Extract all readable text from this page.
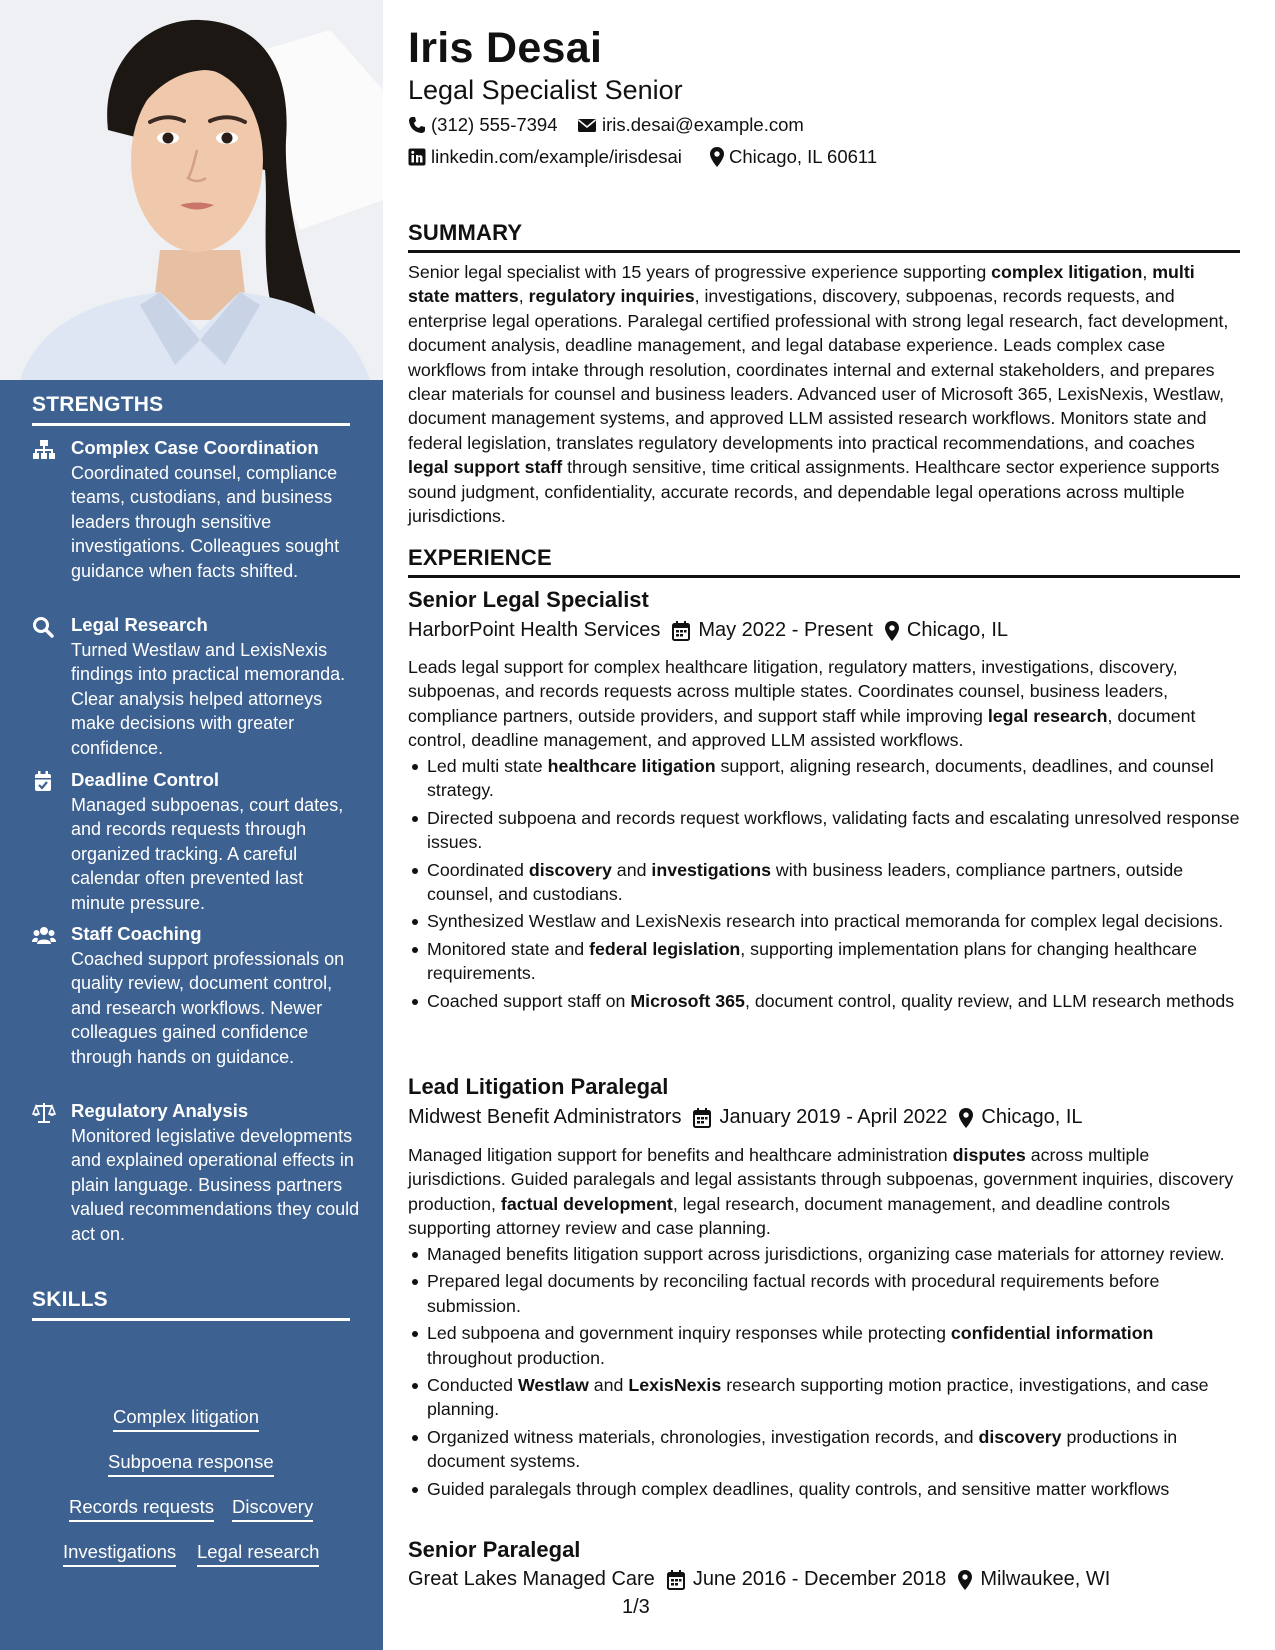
STRENGTHS
Complex Case Coordination
Coordinated counsel, compliance teams, custodians, and business leaders through sensitive investigations. Colleagues sought guidance when facts shifted.
Legal Research
Turned Westlaw and LexisNexis findings into practical memoranda. Clear analysis helped attorneys make decisions with greater confidence.
Deadline Control
Managed subpoenas, court dates, and records requests through organized tracking. A careful calendar often prevented last minute pressure.
Staff Coaching
Coached support professionals on quality review, document control, and research workflows. Newer colleagues gained confidence through hands on guidance.
Regulatory Analysis
Monitored legislative developments and explained operational effects in plain language. Business partners valued recommendations they could act on.
SKILLS
Complex litigation
Subpoena response
Records requests Discovery
Investigations Legal research
Iris Desai
Legal Specialist Senior
(312) 555-7394 iris.desai@example.com
linkedin.com/example/irisdesai	Chicago, IL 60611
SUMMARY
Senior legal specialist with 15 years of progressive experience supporting complex litigation, multi state matters, regulatory inquiries, investigations, discovery, subpoenas, records requests, and enterprise legal operations. Paralegal certified professional with strong legal research, fact development, document analysis, deadline management, and legal database experience. Leads complex case workflows from intake through resolution, coordinates internal and external stakeholders, and prepares clear materials for counsel and business leaders. Advanced user of Microsoft 365, LexisNexis, Westlaw, document management systems, and approved LLM assisted research workflows. Monitors state and federal legislation, translates regulatory developments into practical recommendations, and coaches legal support staff through sensitive, time critical assignments. Healthcare sector experience supports sound judgment, confidentiality, accurate records, and dependable legal operations across multiple jurisdictions.
EXPERIENCE
Senior Legal Specialist
HarborPoint Health Services May 2022 - Present Chicago, IL
Leads legal support for complex healthcare litigation, regulatory matters, investigations, discovery, subpoenas, and records requests across multiple states. Coordinates counsel, business leaders, compliance partners, outside providers, and support staff while improving legal research, document control, deadline management, and approved LLM assisted workflows.
Led multi state healthcare litigation support, aligning research, documents, deadlines, and counsel strategy.
Directed subpoena and records request workflows, validating facts and escalating unresolved response issues.
Coordinated discovery and investigations with business leaders, compliance partners, outside counsel, and custodians.
Synthesized Westlaw and LexisNexis research into practical memoranda for complex legal decisions.
Monitored state and federal legislation, supporting implementation plans for changing healthcare requirements.
Coached support staff on Microsoft 365, document control, quality review, and LLM research methods
Lead Litigation Paralegal
Midwest Benefit Administrators January 2019 - April 2022 Chicago, IL
Managed litigation support for benefits and healthcare administration disputes across multiple jurisdictions. Guided paralegals and legal assistants through subpoenas, government inquiries, discovery production, factual development, legal research, document management, and deadline controls supporting attorney review and case planning.
Managed benefits litigation support across jurisdictions, organizing case materials for attorney review.
Prepared legal documents by reconciling factual records with procedural requirements before submission.
Led subpoena and government inquiry responses while protecting confidential information throughout production.
Conducted Westlaw and LexisNexis research supporting motion practice, investigations, and case planning.
Organized witness materials, chronologies, investigation records, and discovery productions in document systems.
Guided paralegals through complex deadlines, quality controls, and sensitive matter workflows
Senior Paralegal
Great Lakes Managed Care June 2016 - December 2018 Milwaukee, WI
1/3
